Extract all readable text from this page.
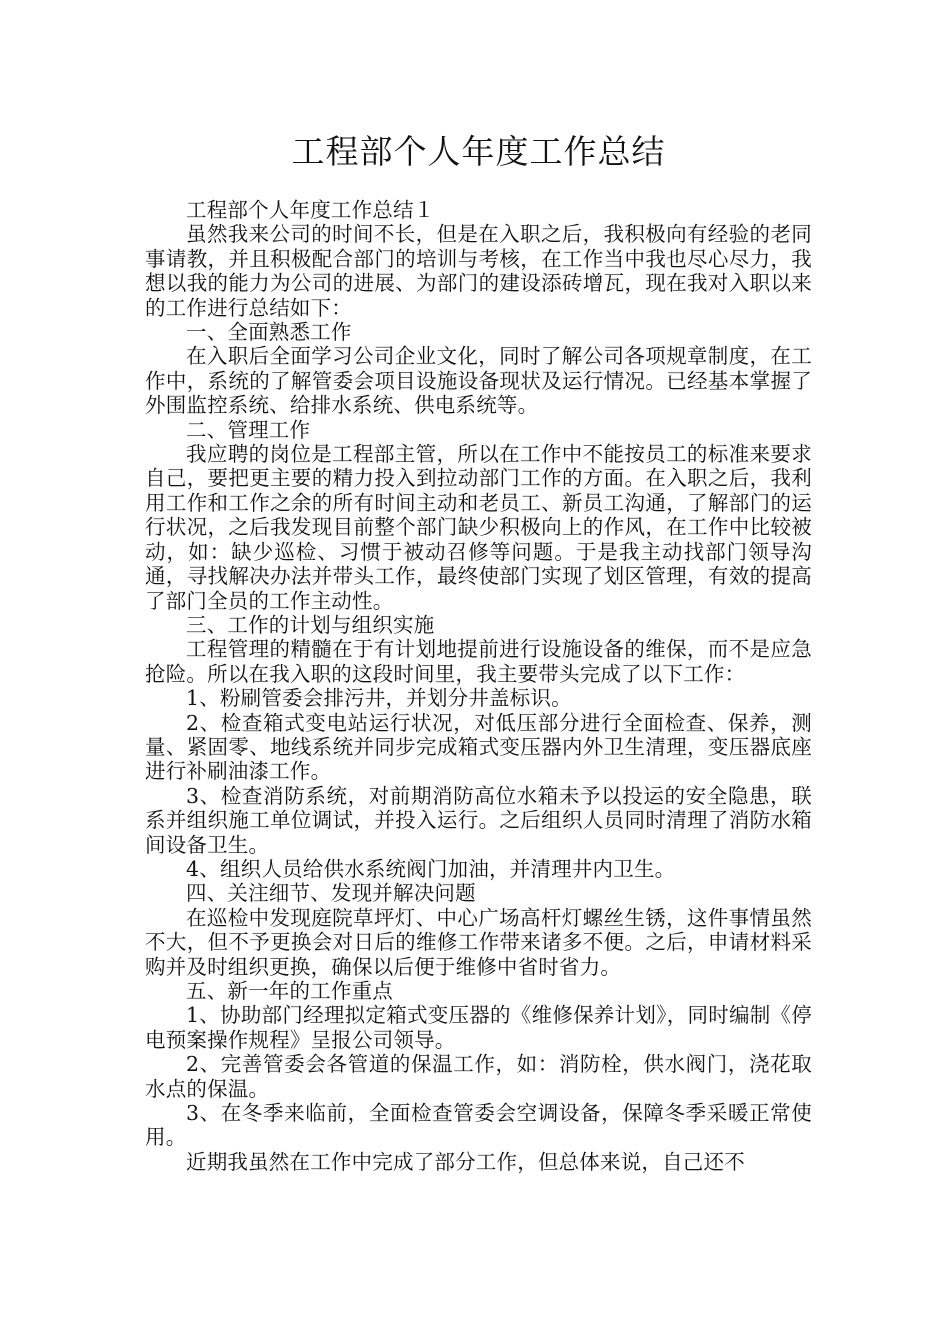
工程部个人年度工作总结

工程部个人年度工作总结１

虽然我来公司的时间不长，但是在入职之后，我积极向有经验的老同事请教，并且积极配合部门的培训与考核，在工作当中我也尽心尽力，我想以我的能力为公司的进展、为部门的建设添砖增瓦，现在我对入职以来的工作进行总结如下：

一、全面熟悉工作

在入职后全面学习公司企业文化，同时了解公司各项规章制度，在工作中，系统的了解管委会项目设施设备现状及运行情况。已经基本掌握了外围监控系统、给排水系统、供电系统等。

二、管理工作

我应聘的岗位是工程部主管，所以在工作中不能按员工的标准来要求自己，要把更主要的精力投入到拉动部门工作的方面。在入职之后，我利用工作和工作之余的所有时间主动和老员工、新员工沟通，了解部门的运行状况，之后我发现目前整个部门缺少积极向上的作风，在工作中比较被动，如：缺少巡检、习惯于被动召修等问题。于是我主动找部门领导沟通，寻找解决办法并带头工作，最终使部门实现了划区管理，有效的提高了部门全员的工作主动性。

三、工作的计划与组织实施

工程管理的精髓在于有计划地提前进行设施设备的维保，而不是应急抢险。所以在我入职的这段时间里，我主要带头完成了以下工作：

1、粉刷管委会排污井，并划分井盖标识。

2、检查箱式变电站运行状况，对低压部分进行全面检查、保养，测量、紧固零、地线系统并同步完成箱式变压器内外卫生清理，变压器底座进行补刷油漆工作。

3、检查消防系统，对前期消防高位水箱未予以投运的安全隐患，联系并组织施工单位调试，并投入运行。之后组织人员同时清理了消防水箱间设备卫生。

4、组织人员给供水系统阀门加油，并清理井内卫生。

四、关注细节、发现并解决问题

在巡检中发现庭院草坪灯、中心广场高杆灯螺丝生锈，这件事情虽然不大，但不予更换会对日后的维修工作带来诸多不便。之后，申请材料采购并及时组织更换，确保以后便于维修中省时省力。

五、新一年的工作重点

1、协助部门经理拟定箱式变压器的《维修保养计划》，同时编制《停电预案操作规程》呈报公司领导。

2、完善管委会各管道的保温工作，如：消防栓，供水阀门，浇花取水点的保温。

3、在冬季来临前，全面检查管委会空调设备，保障冬季采暖正常使用。

近期我虽然在工作中完成了部分工作，但总体来说，自己还不
